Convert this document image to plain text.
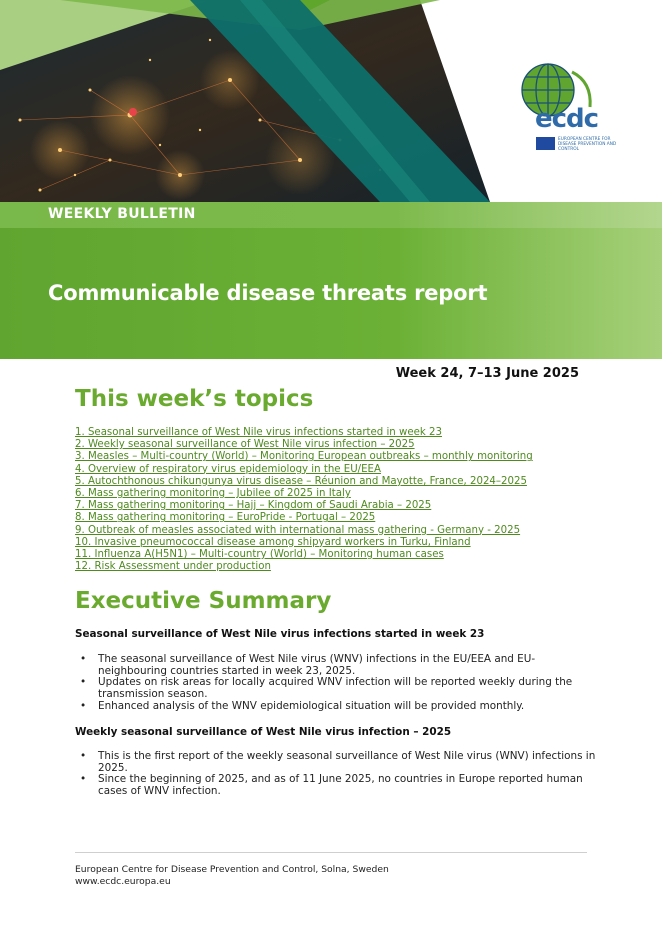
ecdc
EUROPEAN CENTRE FOR DISEASE PREVENTION AND CONTROL
WEEKLY BULLETIN
Communicable disease threats report
Week 24, 7–13 June 2025
This week’s topics
1. Seasonal surveillance of West Nile virus infections started in week 23
2. Weekly seasonal surveillance of West Nile virus infection – 2025
3. Measles – Multi-country (World) – Monitoring European outbreaks – monthly monitoring
4. Overview of respiratory virus epidemiology in the EU/EEA
5. Autochthonous chikungunya virus disease – Réunion and Mayotte, France, 2024–2025
6. Mass gathering monitoring – Jubilee of 2025 in Italy
7. Mass gathering monitoring – Hajj – Kingdom of Saudi Arabia – 2025
8. Mass gathering monitoring – EuroPride - Portugal – 2025
9. Outbreak of measles associated with international mass gathering - Germany - 2025
10. Invasive pneumococcal disease among shipyard workers in Turku, Finland
11. Influenza A(H5N1) – Multi-country (World) – Monitoring human cases
12. Risk Assessment under production
Executive Summary
Seasonal surveillance of West Nile virus infections started in week 23
• The seasonal surveillance of West Nile virus (WNV) infections in the EU/EEA and EU-neighbouring countries started in week 23, 2025.
• Updates on risk areas for locally acquired WNV infection will be reported weekly during the transmission season.
• Enhanced analysis of the WNV epidemiological situation will be provided monthly.
Weekly seasonal surveillance of West Nile virus infection – 2025
• This is the first report of the weekly seasonal surveillance of West Nile virus (WNV) infections in 2025.
• Since the beginning of 2025, and as of 11 June 2025, no countries in Europe reported human cases of WNV infection.
European Centre for Disease Prevention and Control, Solna, Sweden
www.ecdc.europa.eu
